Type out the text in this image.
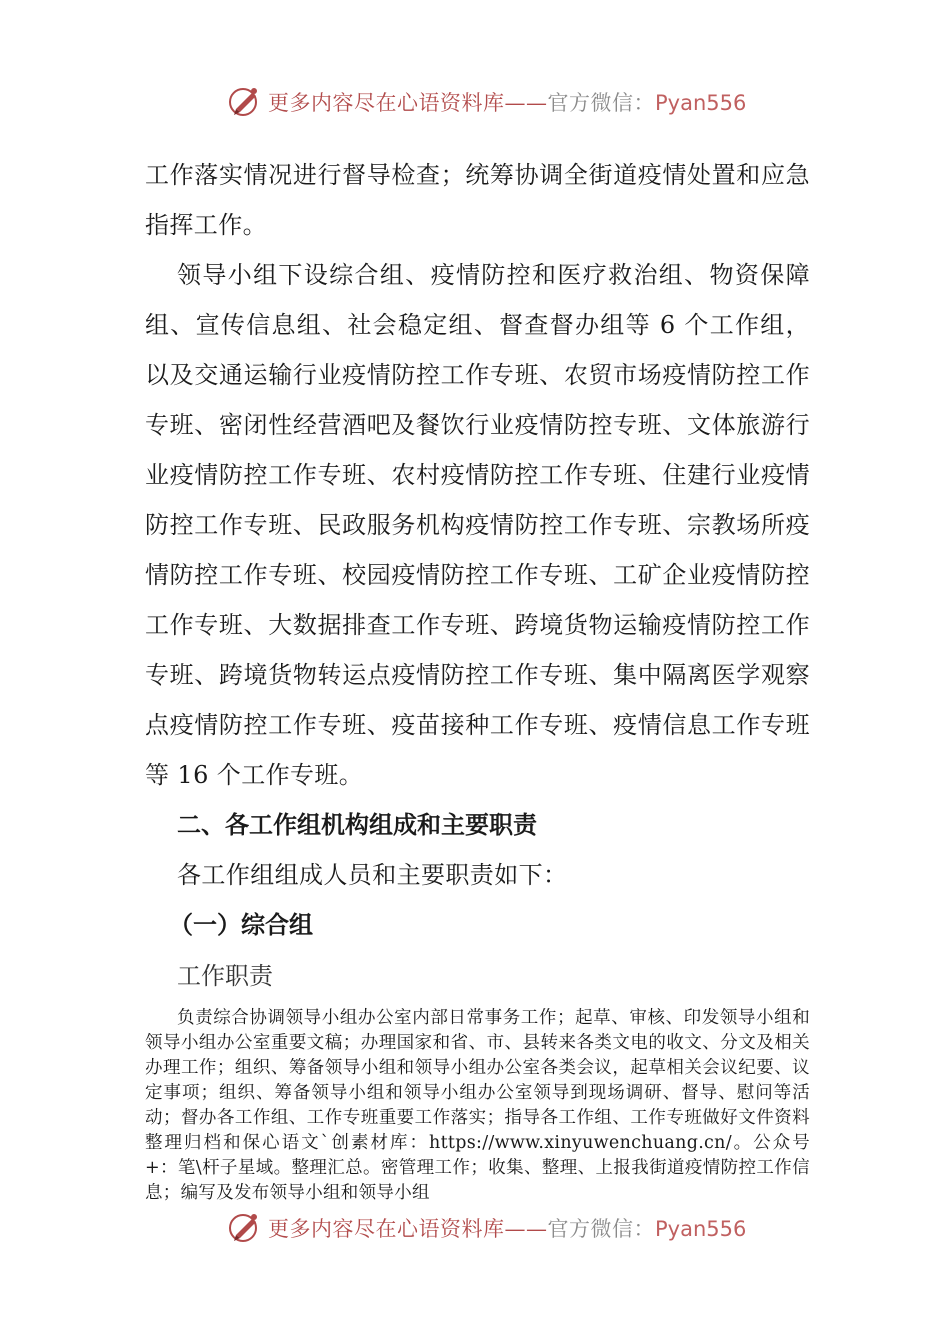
更多内容尽在心语资料库——官方微信：Pyan556

工作落实情况进行督导检查；统筹协调全街道疫情处置和应急指挥工作。

领导小组下设综合组、疫情防控和医疗救治组、物资保障组、宣传信息组、社会稳定组、督查督办组等 6 个工作组，以及交通运输行业疫情防控工作专班、农贸市场疫情防控工作专班、密闭性经营酒吧及餐饮行业疫情防控专班、文体旅游行业疫情防控工作专班、农村疫情防控工作专班、住建行业疫情防控工作专班、民政服务机构疫情防控工作专班、宗教场所疫情防控工作专班、校园疫情防控工作专班、工矿企业疫情防控工作专班、大数据排查工作专班、跨境货物运输疫情防控工作专班、跨境货物转运点疫情防控工作专班、集中隔离医学观察点疫情防控工作专班、疫苗接种工作专班、疫情信息工作专班等 16 个工作专班。

二、各工作组机构组成和主要职责

各工作组组成人员和主要职责如下：

（一）综合组

工作职责

负责综合协调领导小组办公室内部日常事务工作；起草、审核、印发领导小组和领导小组办公室重要文稿；办理国家和省、市、县转来各类文电的收文、分文及相关办理工作；组织、筹备领导小组和领导小组办公室各类会议，起草相关会议纪要、议定事项；组织、筹备领导小组和领导小组办公室领导到现场调研、督导、慰问等活动；督办各工作组、工作专班重要工作落实；指导各工作组、工作专班做好文件资料整理归档和保心语文`创素材库：https://www.xinyuwenchuang.cn/。公众号+：笔\杆子星域。整理汇总。密管理工作；收集、整理、上报我街道疫情防控工作信息；编写及发布领导小组和领导小组

更多内容尽在心语资料库——官方微信：Pyan556
